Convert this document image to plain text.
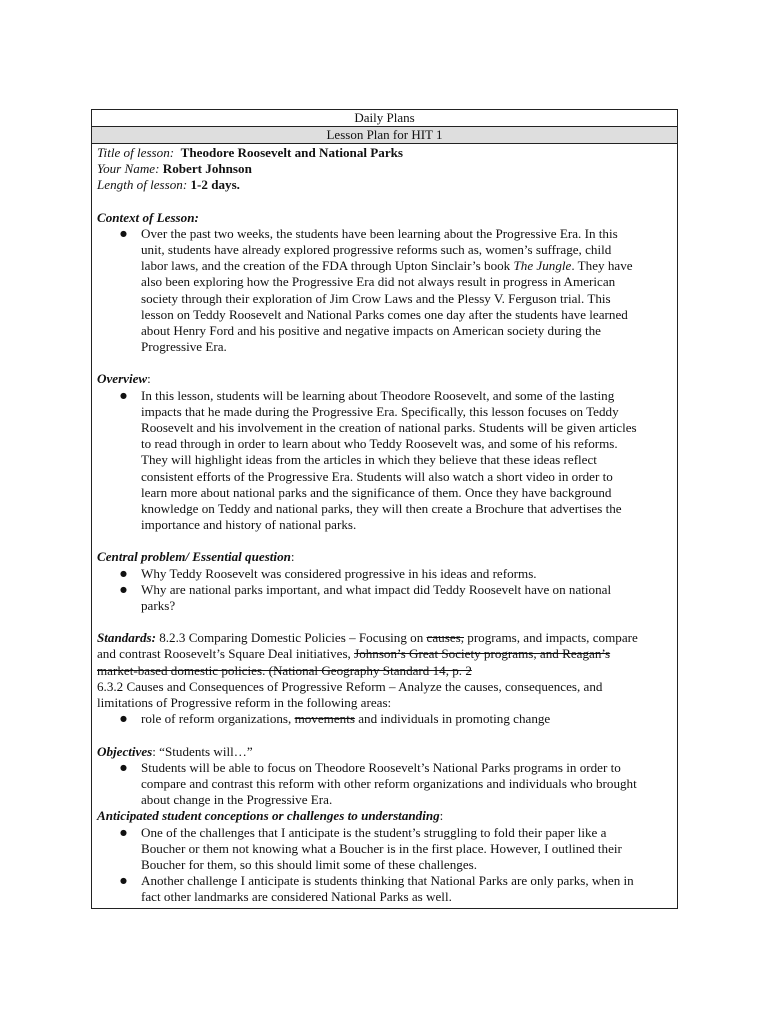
Daily Plans
Lesson Plan for HIT 1
Title of lesson: Theodore Roosevelt and National Parks
Your Name: Robert Johnson
Length of lesson: 1-2 days.
Context of Lesson:
● Over the past two weeks, the students have been learning about the Progressive Era. In this
unit, students have already explored progressive reforms such as, women’s suffrage, child
labor laws, and the creation of the FDA through Upton Sinclair’s book The Jungle. They have
also been exploring how the Progressive Era did not always result in progress in American
society through their exploration of Jim Crow Laws and the Plessy V. Ferguson trial. This
lesson on Teddy Roosevelt and National Parks comes one day after the students have learned
about Henry Ford and his positive and negative impacts on American society during the
Progressive Era.
Overview:
● In this lesson, students will be learning about Theodore Roosevelt, and some of the lasting
impacts that he made during the Progressive Era. Specifically, this lesson focuses on Teddy
Roosevelt and his involvement in the creation of national parks. Students will be given articles
to read through in order to learn about who Teddy Roosevelt was, and some of his reforms.
They will highlight ideas from the articles in which they believe that these ideas reflect
consistent efforts of the Progressive Era. Students will also watch a short video in order to
learn more about national parks and the significance of them. Once they have background
knowledge on Teddy and national parks, they will then create a Brochure that advertises the
importance and history of national parks.
Central problem/ Essential question:
● Why Teddy Roosevelt was considered progressive in his ideas and reforms.
● Why are national parks important, and what impact did Teddy Roosevelt have on national
parks?
Standards: 8.2.3 Comparing Domestic Policies – Focusing on causes, programs, and impacts, compare
and contrast Roosevelt’s Square Deal initiatives, Johnson’s Great Society programs, and Reagan’s
market-based domestic policies. (National Geography Standard 14, p. 2
6.3.2 Causes and Consequences of Progressive Reform – Analyze the causes, consequences, and
limitations of Progressive reform in the following areas:
● role of reform organizations, movements and individuals in promoting change
Objectives: “Students will…”
● Students will be able to focus on Theodore Roosevelt’s National Parks programs in order to
compare and contrast this reform with other reform organizations and individuals who brought
about change in the Progressive Era.
Anticipated student conceptions or challenges to understanding:
● One of the challenges that I anticipate is the student’s struggling to fold their paper like a
Boucher or them not knowing what a Boucher is in the first place. However, I outlined their
Boucher for them, so this should limit some of these challenges.
● Another challenge I anticipate is students thinking that National Parks are only parks, when in
fact other landmarks are considered National Parks as well.
